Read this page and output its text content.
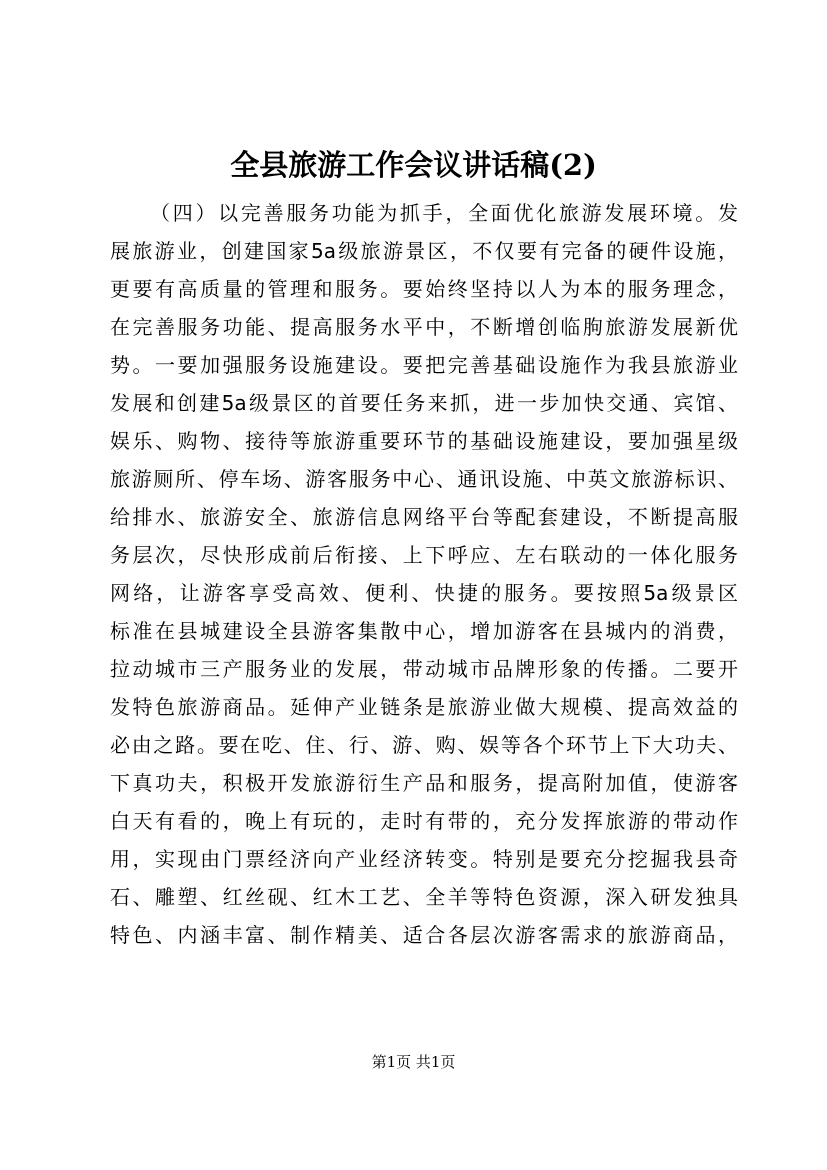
全县旅游工作会议讲话稿(2)
（四）以完善服务功能为抓手，全面优化旅游发展环境。发
展旅游业，创建国家5a级旅游景区，不仅要有完备的硬件设施，
更要有高质量的管理和服务。要始终坚持以人为本的服务理念，
在完善服务功能、提高服务水平中，不断增创临朐旅游发展新优
势。一要加强服务设施建设。要把完善基础设施作为我县旅游业
发展和创建5a级景区的首要任务来抓，进一步加快交通、宾馆、
娱乐、购物、接待等旅游重要环节的基础设施建设，要加强星级
旅游厕所、停车场、游客服务中心、通讯设施、中英文旅游标识、
给排水、旅游安全、旅游信息网络平台等配套建设，不断提高服
务层次，尽快形成前后衔接、上下呼应、左右联动的一体化服务
网络，让游客享受高效、便利、快捷的服务。要按照5a级景区
标准在县城建设全县游客集散中心，增加游客在县城内的消费，
拉动城市三产服务业的发展，带动城市品牌形象的传播。二要开
发特色旅游商品。延伸产业链条是旅游业做大规模、提高效益的
必由之路。要在吃、住、行、游、购、娱等各个环节上下大功夫、
下真功夫，积极开发旅游衍生产品和服务，提高附加值，使游客
白天有看的，晚上有玩的，走时有带的，充分发挥旅游的带动作
用，实现由门票经济向产业经济转变。特别是要充分挖掘我县奇
石、雕塑、红丝砚、红木工艺、全羊等特色资源，深入研发独具
特色、内涵丰富、制作精美、适合各层次游客需求的旅游商品，
第1页 共1页
